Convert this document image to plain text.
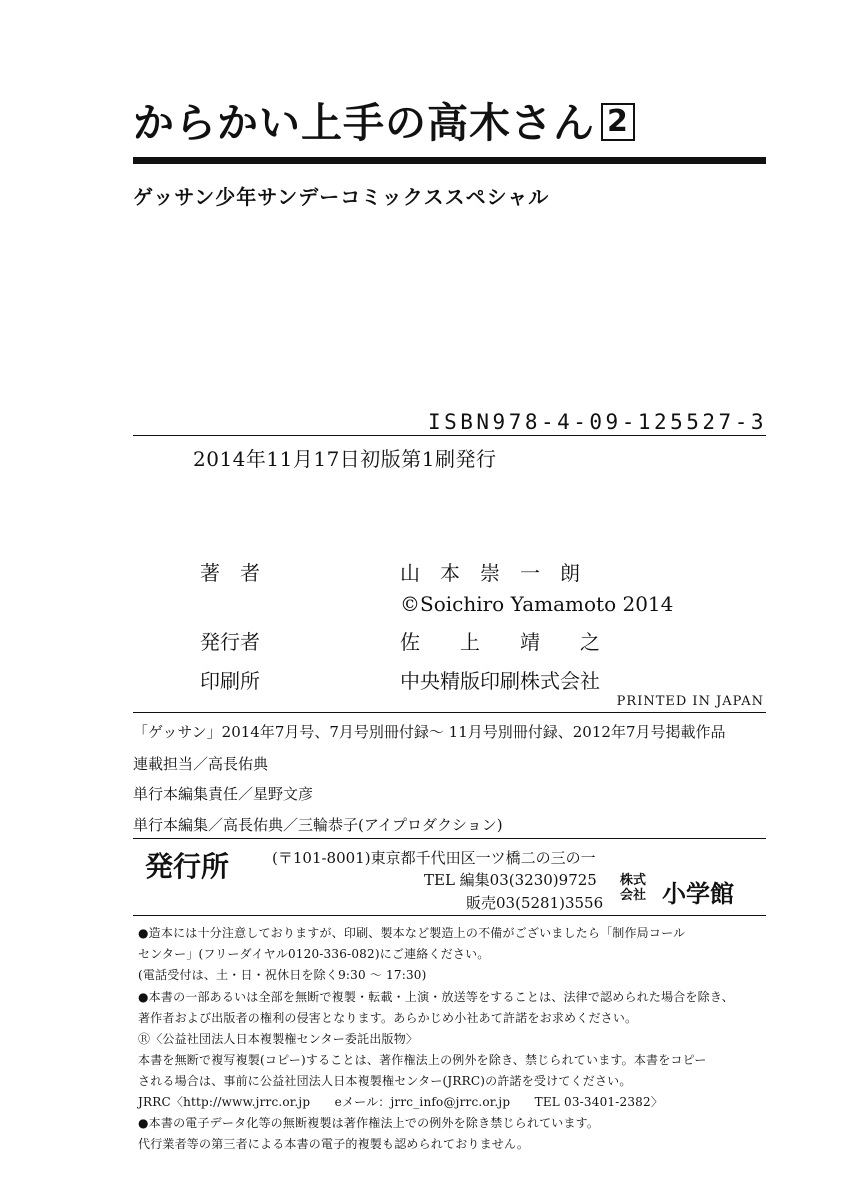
からかい上手の高木さん 2
ゲッサン少年サンデーコミックススペシャル
ISBN978-4-09-125527-3
2014年11月17日初版第1刷発行
著　者	山　本　崇　一　朗
©Soichiro Yamamoto 2014
発行者	佐　　上　　靖　　之
印刷所	中央精版印刷株式会社
PRINTED IN JAPAN
「ゲッサン」2014年7月号、7月号別冊付録～ 11月号別冊付録、2012年7月号掲載作品
連載担当／高長佑典
単行本編集責任／星野文彦
単行本編集／高長佑典／三輪恭子(アイプロダクション)
発行所	(〒101-8001)東京都千代田区一ツ橋二の三の一
TEL 編集03(3230)9725
販売03(5281)3556
株式
会社 小学館
●造本には十分注意しておりますが、印刷、製本など製造上の不備がございましたら「制作局コール
センター」(フリーダイヤル0120-336-082)にご連絡ください。
(電話受付は、土・日・祝休日を除く9:30 ～ 17:30)
●本書の一部あるいは全部を無断で複製・転載・上演・放送等をすることは、法律で認められた場合を除き、
著作者および出版者の権利の侵害となります。あらかじめ小社あて許諾をお求めください。
Ⓡ〈公益社団法人日本複製権センター委託出版物〉
本書を無断で複写複製(コピー)することは、著作権法上の例外を除き、禁じられています。本書をコピー
される場合は、事前に公益社団法人日本複製権センター(JRRC)の許諾を受けてください。
JRRC〈http://www.jrrc.or.jp　　eメール：jrrc_info@jrrc.or.jp　　TEL 03-3401-2382〉
●本書の電子データ化等の無断複製は著作権法上での例外を除き禁じられています。
代行業者等の第三者による本書の電子的複製も認められておりません。
